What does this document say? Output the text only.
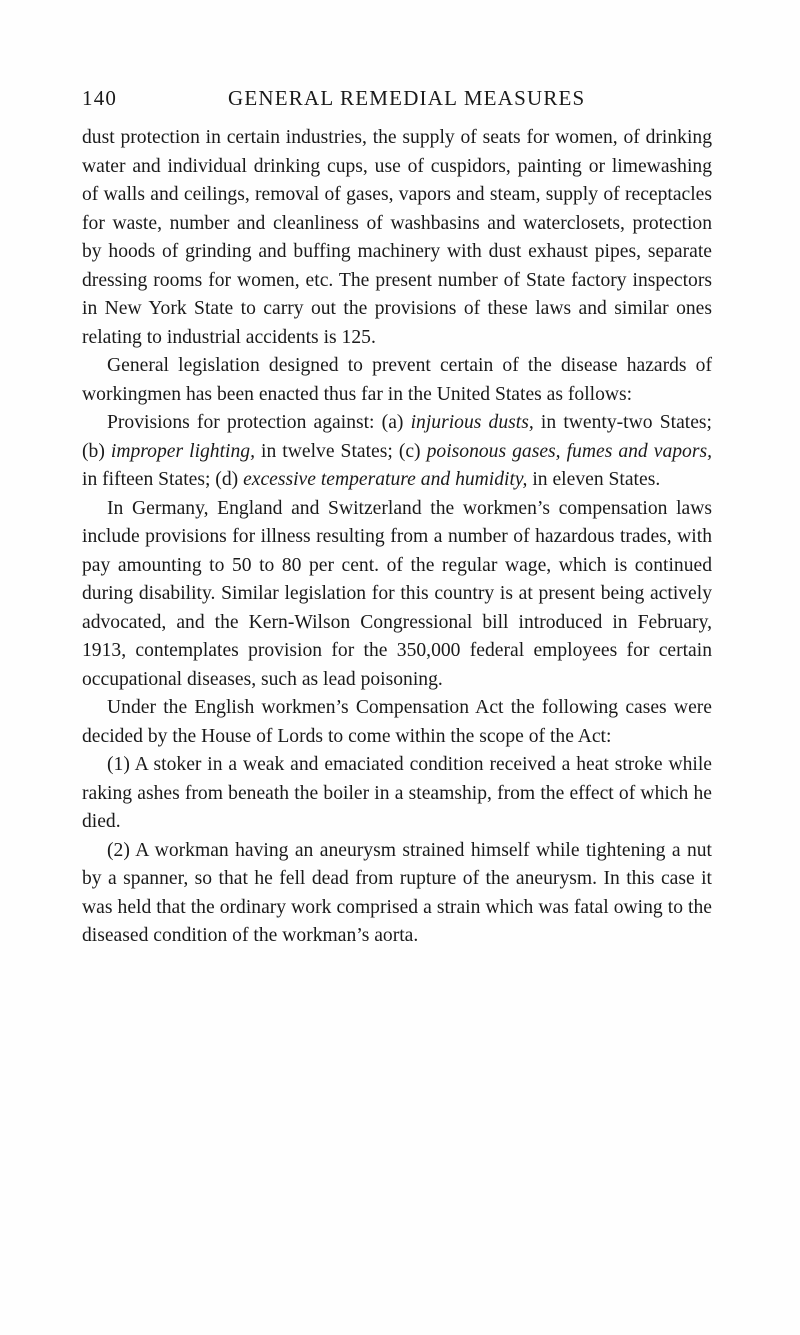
140	GENERAL REMEDIAL MEASURES

dust protection in certain industries, the supply of seats for women, of drinking water and individual drinking cups, use of cuspidors, painting or limewashing of walls and ceilings, removal of gases, vapors and steam, supply of receptacles for waste, number and cleanliness of washbasins and waterclosets, protection by hoods of grinding and buffing machinery with dust exhaust pipes, separate dressing rooms for women, etc. The present number of State factory inspectors in New York State to carry out the provisions of these laws and similar ones relating to industrial accidents is 125.

General legislation designed to prevent certain of the disease hazards of workingmen has been enacted thus far in the United States as follows:

Provisions for protection against: (a) injurious dusts, in twenty-two States; (b) improper lighting, in twelve States; (c) poisonous gases, fumes and vapors, in fifteen States; (d) excessive temperature and humidity, in eleven States.

In Germany, England and Switzerland the workmen’s compensation laws include provisions for illness resulting from a number of hazardous trades, with pay amounting to 50 to 80 per cent. of the regular wage, which is continued during disability. Similar legislation for this country is at present being actively advocated, and the Kern-Wilson Congressional bill introduced in February, 1913, contemplates provision for the 350,000 federal employees for certain occupational diseases, such as lead poisoning.

Under the English workmen’s Compensation Act the following cases were decided by the House of Lords to come within the scope of the Act:

(1) A stoker in a weak and emaciated condition received a heat stroke while raking ashes from beneath the boiler in a steamship, from the effect of which he died.

(2) A workman having an aneurysm strained himself while tightening a nut by a spanner, so that he fell dead from rupture of the aneurysm. In this case it was held that the ordinary work comprised a strain which was fatal owing to the diseased condition of the workman’s aorta.
